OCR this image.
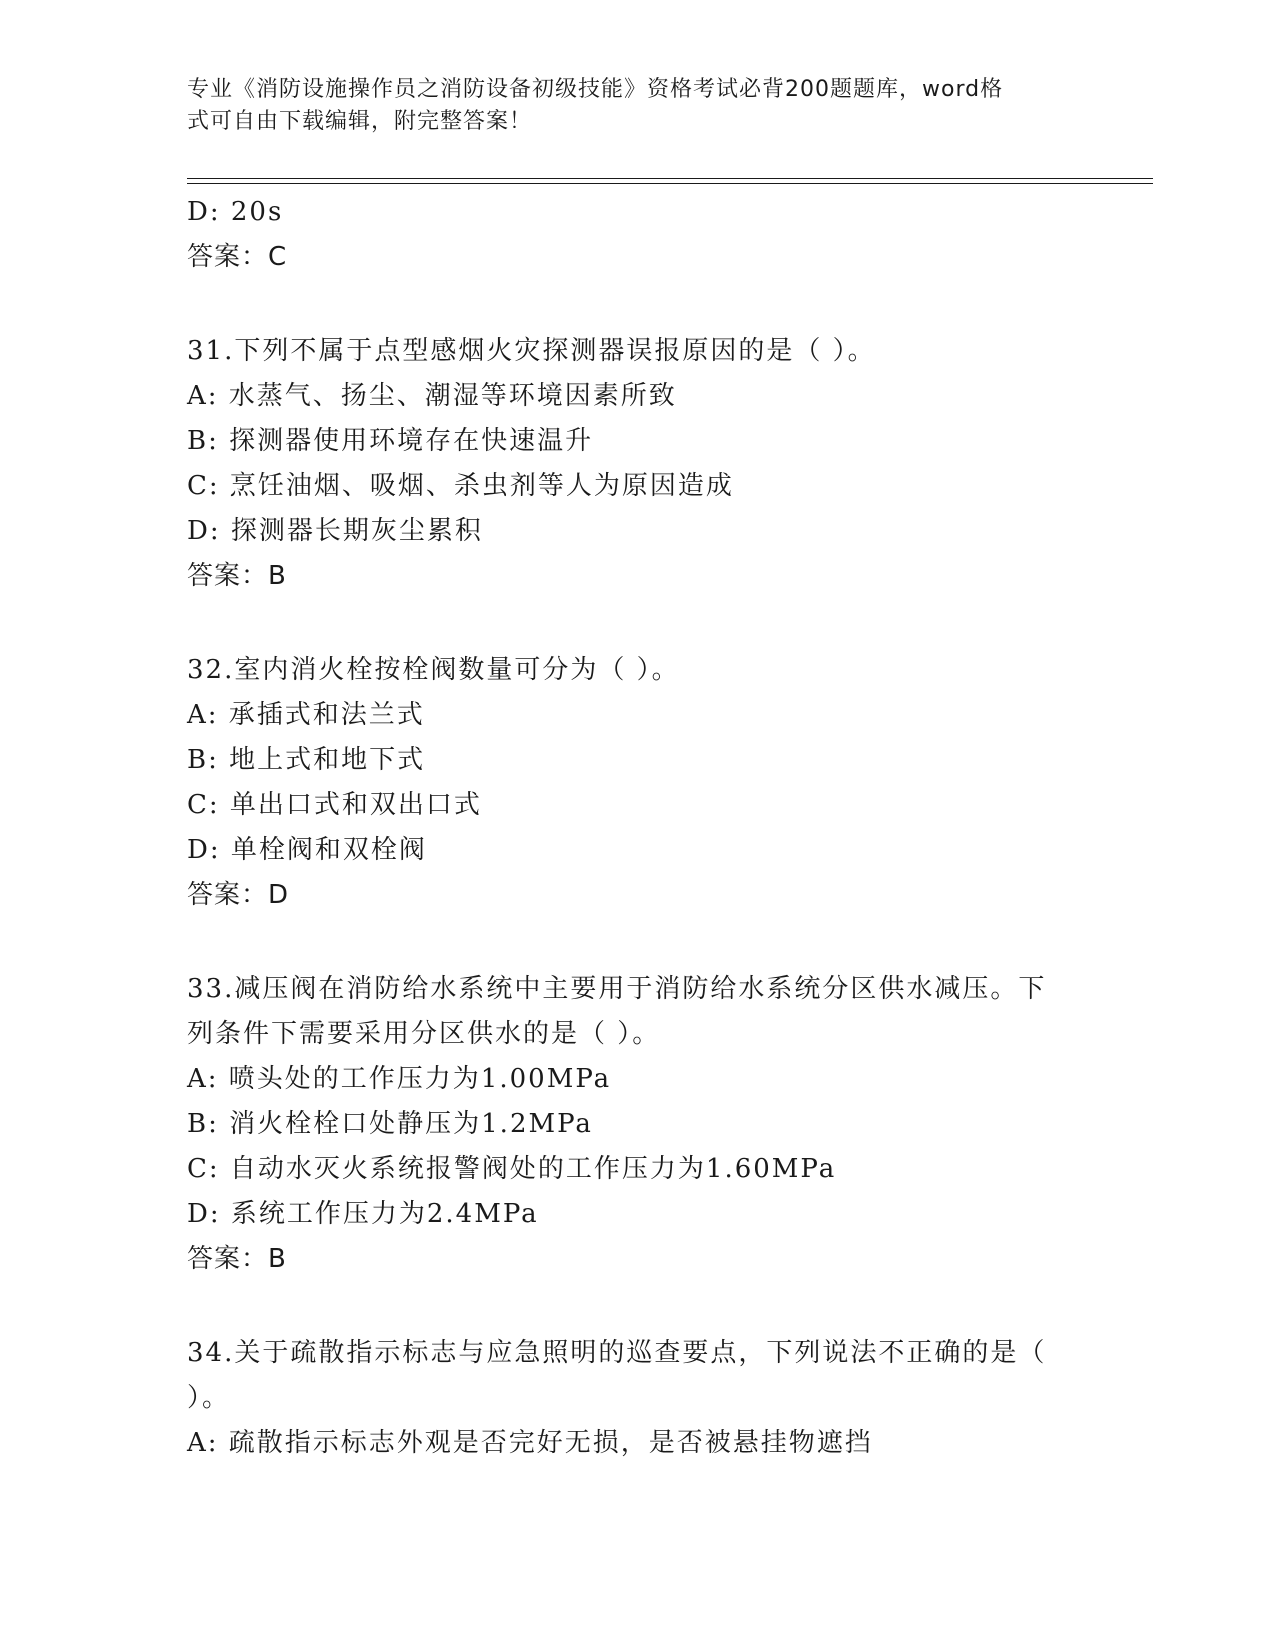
专业《消防设施操作员之消防设备初级技能》资格考试必背200题题库，word格
式可自由下载编辑，附完整答案！
D: 20s
答案：C
31.下列不属于点型感烟火灾探测器误报原因的是（ ）。
A: 水蒸气、扬尘、潮湿等环境因素所致
B: 探测器使用环境存在快速温升
C: 烹饪油烟、吸烟、杀虫剂等人为原因造成
D: 探测器长期灰尘累积
答案：B
32.室内消火栓按栓阀数量可分为（ ）。
A: 承插式和法兰式
B: 地上式和地下式
C: 单出口式和双出口式
D: 单栓阀和双栓阀
答案：D
33.减压阀在消防给水系统中主要用于消防给水系统分区供水减压。下
列条件下需要采用分区供水的是（ ）。
A: 喷头处的工作压力为1.00MPa
B: 消火栓栓口处静压为1.2MPa
C: 自动水灭火系统报警阀处的工作压力为1.60MPa
D: 系统工作压力为2.4MPa
答案：B
34.关于疏散指示标志与应急照明的巡查要点，下列说法不正确的是（
）。
A: 疏散指示标志外观是否完好无损，是否被悬挂物遮挡
